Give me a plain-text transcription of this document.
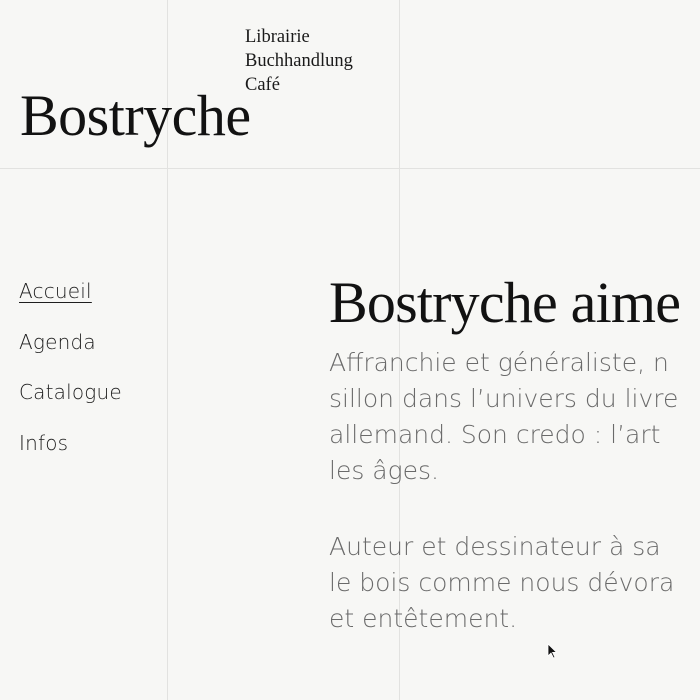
Librairie
Buchhandlung
Café
Bostryche
Accueil
Agenda
Catalogue
Infos
Bostryche aime
Affranchie et généraliste, n
sillon dans l’univers du livre
allemand. Son credo : l’art
les âges.
Auteur et dessinateur à sa
le bois comme nous dévora
et entêtement.
